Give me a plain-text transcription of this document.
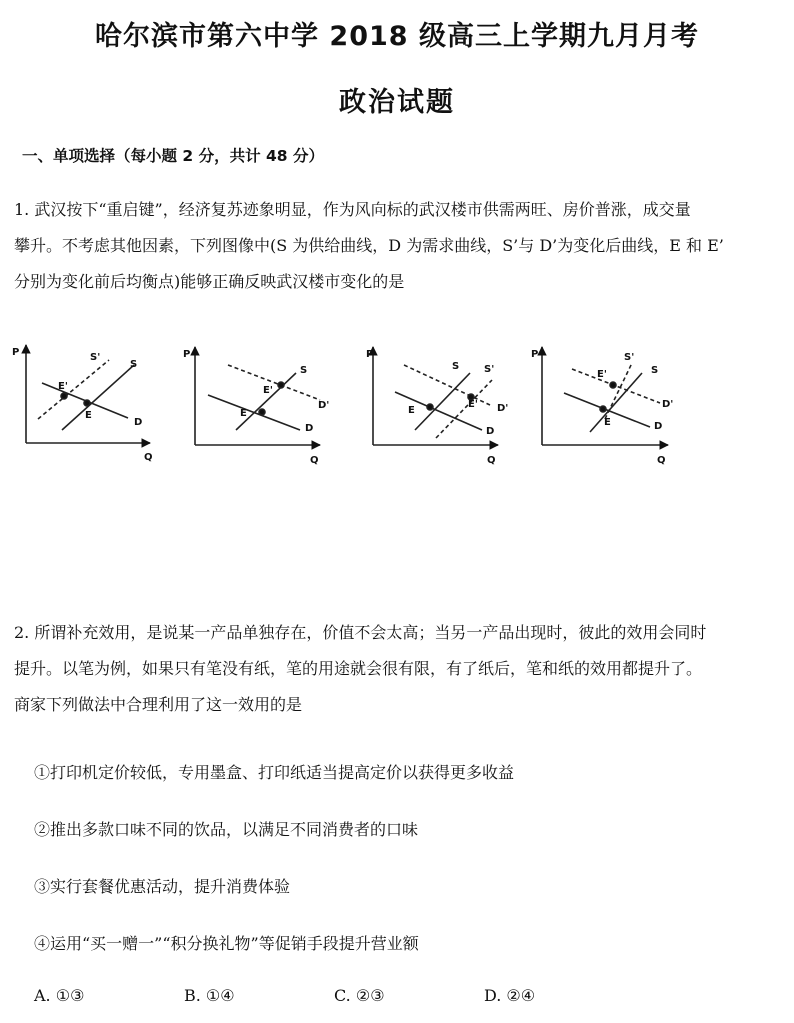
哈尔滨市第六中学 2018 级高三上学期九月月考
政治试题
一、单项选择（每小题 2 分，共计 48 分）
1. 武汉按下“重启键”，经济复苏迹象明显，作为风向标的武汉楼市供需两旺、房价普涨，成交量
攀升。不考虑其他因素，下列图像中(S 为供给曲线，D 为需求曲线，S’与 D’为变化后曲线，E 和 E’
分别为变化前后均衡点)能够正确反映武汉楼市变化的是
P
Q
S
S'
D
E
E'
P
Q
S
D
D'
E
E'
P
Q
S S'
D
D'
E
E'
P
Q
S
S'
D
D'
E
E'
2. 所谓补充效用，是说某一产品单独存在，价值不会太高；当另一产品出现时，彼此的效用会同时
提升。以笔为例，如果只有笔没有纸，笔的用途就会很有限，有了纸后，笔和纸的效用都提升了。
商家下列做法中合理利用了这一效用的是
①打印机定价较低，专用墨盒、打印纸适当提高定价以获得更多收益
②推出多款口味不同的饮品，以满足不同消费者的口味
③实行套餐优惠活动，提升消费体验
④运用“买一赠一”“积分换礼物”等促销手段提升营业额
A. ①③	B. ①④	C. ②③	D. ②④
